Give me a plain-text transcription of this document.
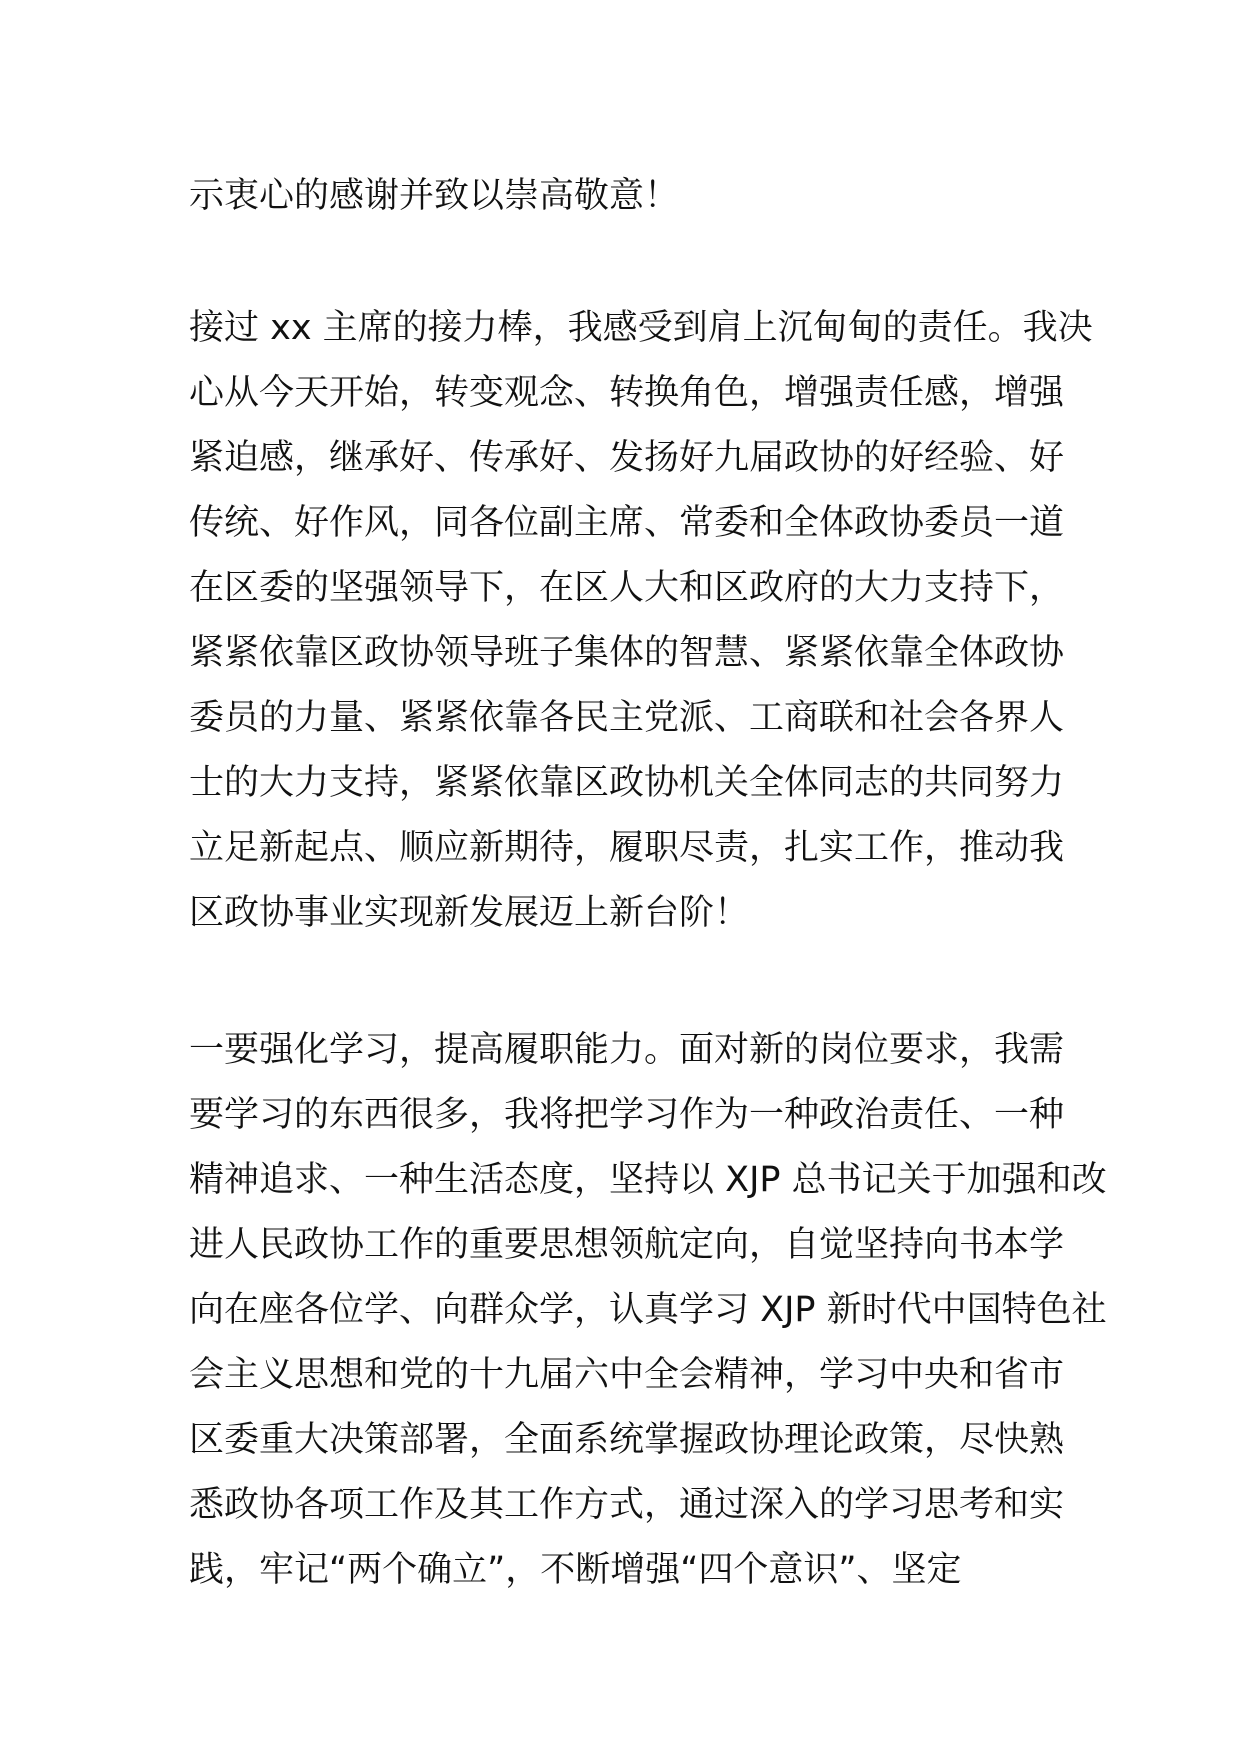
示衷心的感谢并致以崇高敬意！
接过 xx 主席的接力棒，我感受到肩上沉甸甸的责任。我决
心从今天开始，转变观念、转换角色，增强责任感，增强
紧迫感，继承好、传承好、发扬好九届政协的好经验、好
传统、好作风，同各位副主席、常委和全体政协委员一道
在区委的坚强领导下，在区人大和区政府的大力支持下，
紧紧依靠区政协领导班子集体的智慧、紧紧依靠全体政协
委员的力量、紧紧依靠各民主党派、工商联和社会各界人
士的大力支持，紧紧依靠区政协机关全体同志的共同努力
立足新起点、顺应新期待，履职尽责，扎实工作，推动我
区政协事业实现新发展迈上新台阶！
一要强化学习，提高履职能力。面对新的岗位要求，我需
要学习的东西很多，我将把学习作为一种政治责任、一种
精神追求、一种生活态度，坚持以 XJP 总书记关于加强和改
进人民政协工作的重要思想领航定向，自觉坚持向书本学
向在座各位学、向群众学，认真学习 XJP 新时代中国特色社
会主义思想和党的十九届六中全会精神，学习中央和省市
区委重大决策部署，全面系统掌握政协理论政策，尽快熟
悉政协各项工作及其工作方式，通过深入的学习思考和实
践，牢记“两个确立”，不断增强“四个意识”、坚定
